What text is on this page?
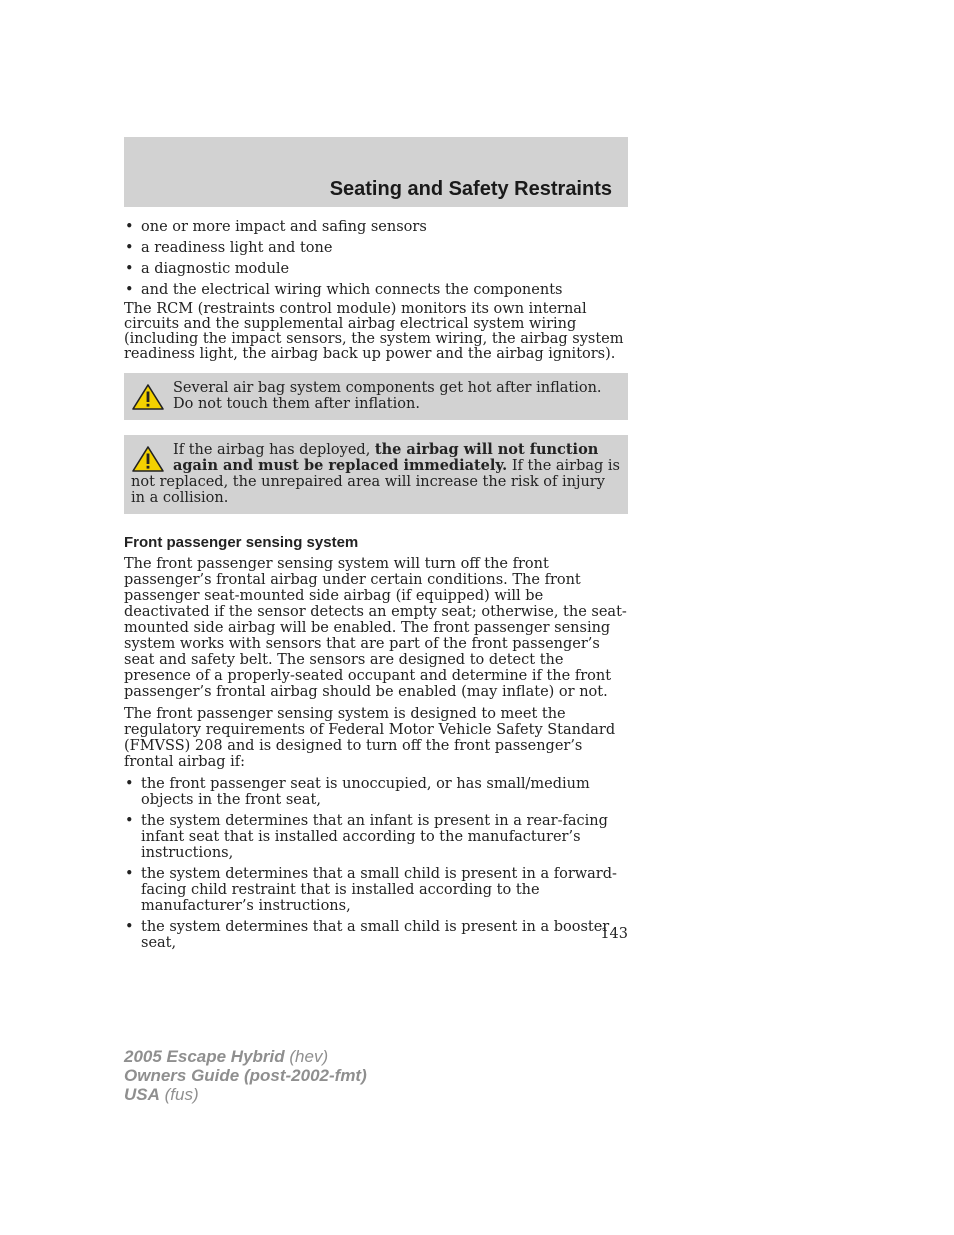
Seating and Safety Restraints
• one or more impact and safing sensors
• a readiness light and tone
• a diagnostic module
• and the electrical wiring which connects the components

The RCM (restraints control module) monitors its own internal circuits and the supplemental airbag electrical system wiring (including the impact sensors, the system wiring, the airbag system readiness light, the airbag back up power and the airbag ignitors).

Several air bag system components get hot after inflation. Do not touch them after inflation.
If the airbag has deployed, the airbag will not function again and must be replaced immediately. If the airbag is not replaced, the unrepaired area will increase the risk of injury in a collision.
Front passenger sensing system

The front passenger sensing system will turn off the front passenger’s frontal airbag under certain conditions. The front passenger seat-mounted side airbag (if equipped) will be deactivated if the sensor detects an empty seat; otherwise, the seat-mounted side airbag will be enabled. The front passenger sensing system works with sensors that are part of the front passenger’s seat and safety belt. The sensors are designed to detect the presence of a properly-seated occupant and determine if the front passenger’s frontal airbag should be enabled (may inflate) or not.

The front passenger sensing system is designed to meet the regulatory requirements of Federal Motor Vehicle Safety Standard (FMVSS) 208 and is designed to turn off the front passenger’s frontal airbag if:

• the front passenger seat is unoccupied, or has small/medium objects in the front seat,
• the system determines that an infant is present in a rear-facing infant seat that is installed according to the manufacturer’s instructions,
• the system determines that a small child is present in a forward-facing child restraint that is installed according to the manufacturer’s instructions,
• the system determines that a small child is present in a booster seat,
143
2005 Escape Hybrid (hev)
Owners Guide (post-2002-fmt)
USA (fus)
